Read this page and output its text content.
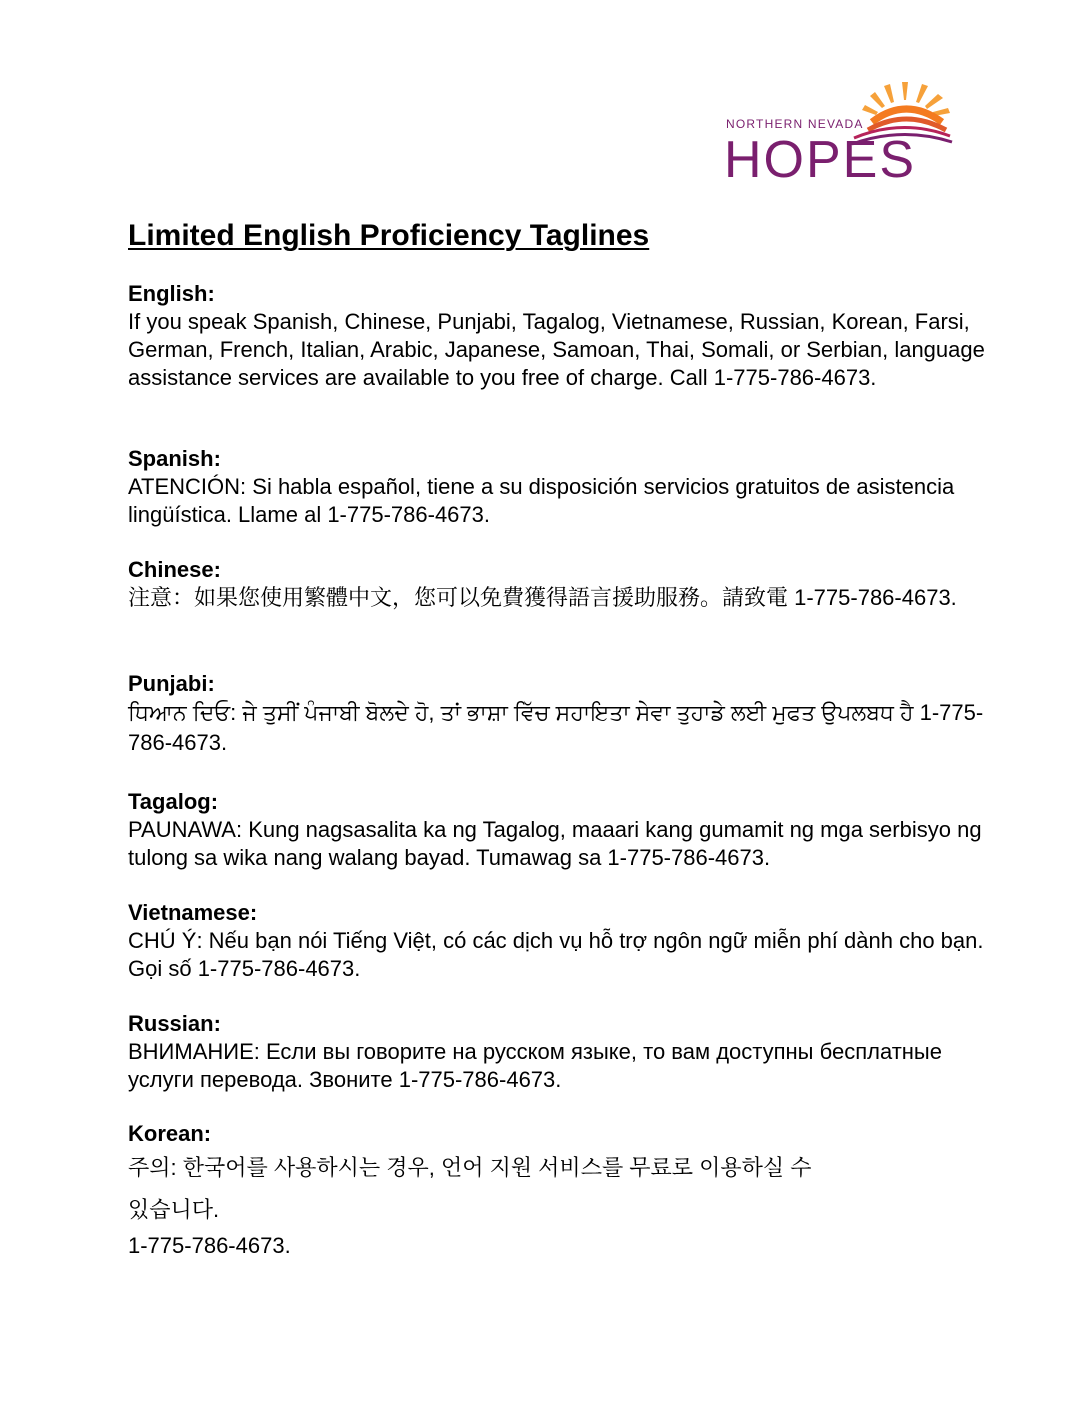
NORTHERN NEVADA
HOPES
Limited English Proficiency Taglines

English:

If you speak Spanish, Chinese, Punjabi, Tagalog, Vietnamese, Russian, Korean, Farsi, German, French, Italian, Arabic, Japanese, Samoan, Thai, Somali, or Serbian, language assistance services are available to you free of charge. Call 1-775-786-4673.

Spanish:

ATENCIÓN: Si habla español, tiene a su disposición servicios gratuitos de asistencia lingüística. Llame al 1-775-786-4673.

Chinese:

注意：如果您使用繁體中文，您可以免費獲得語言援助服務。請致電 1-775-786-4673.

Punjabi:

ਧਿਆਨ ਦਿਓ: ਜੇ ਤੁਸੀਂ ਪੰਜਾਬੀ ਬੋਲਦੇ ਹੋ, ਤਾਂ ਭਾਸ਼ਾ ਵਿੱਚ ਸਹਾਇਤਾ ਸੇਵਾ ਤੁਹਾਡੇ ਲਈ ਮੁਫਤ ਉਪਲਬਧ ਹੈ 1-775-786-4673.

Tagalog:

PAUNAWA: Kung nagsasalita ka ng Tagalog, maaari kang gumamit ng mga serbisyo ng tulong sa wika nang walang bayad. Tumawag sa 1-775-786-4673.

Vietnamese:

CHÚ Ý: Nếu bạn nói Tiếng Việt, có các dịch vụ hỗ trợ ngôn ngữ miễn phí dành cho bạn. Gọi số 1-775-786-4673.

Russian:

ВНИМАНИЕ: Если вы говорите на русском языке, то вам доступны бесплатные услуги перевода. Звоните 1-775-786-4673.

Korean:

주의: 한국어를 사용하시는 경우, 언어 지원 서비스를 무료로 이용하실 수

있습니다.

1-775-786-4673.
